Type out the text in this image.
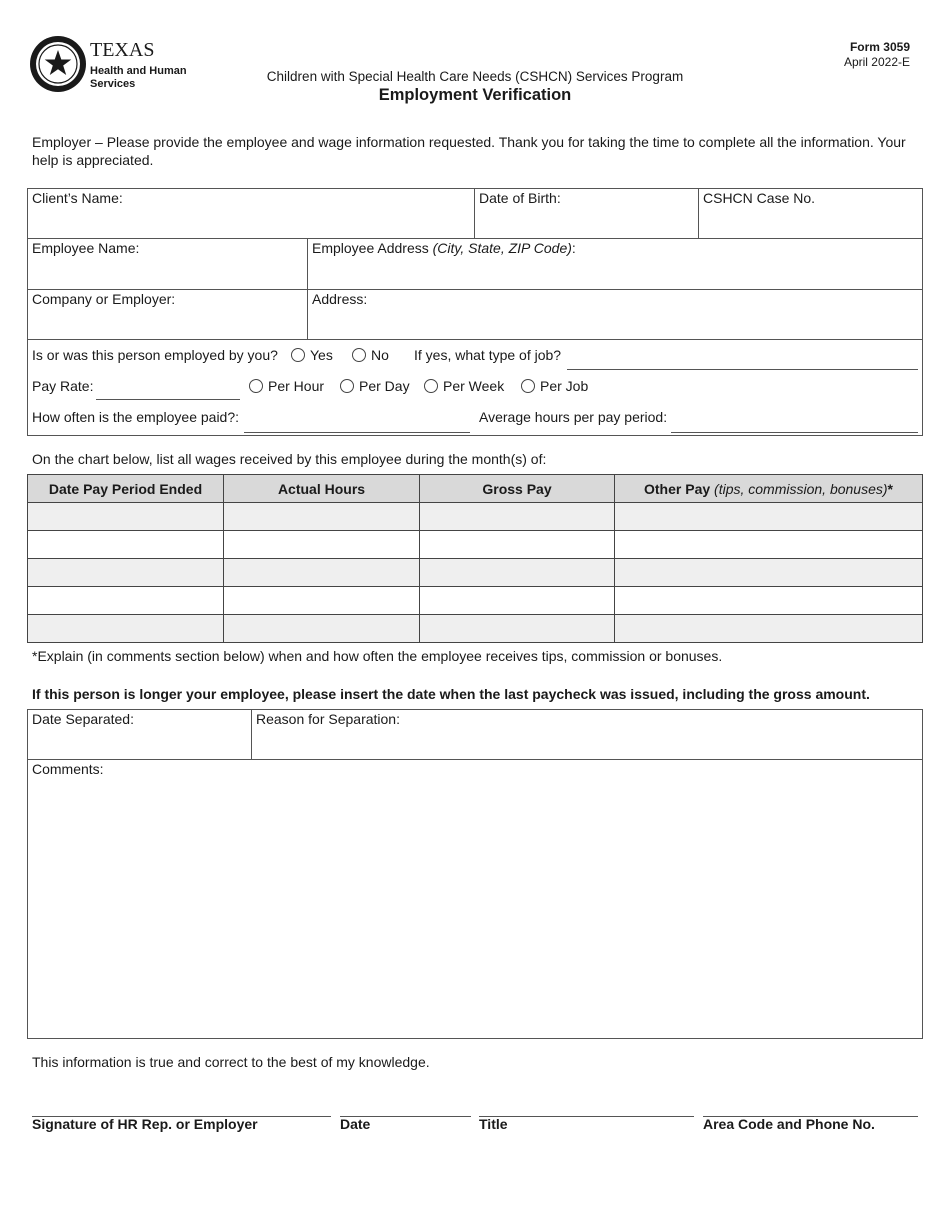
TEXAS
Health and Human
Services
Form 3059
April 2022-E
Children with Special Health Care Needs (CSHCN) Services Program
Employment Verification
Employer – Please provide the employee and wage information requested. Thank you for taking the time to complete all the information. Your help is appreciated.
Client’s Name:	Date of Birth:	CSHCN Case No.
Employee Name:	Employee Address (City, State, ZIP Code):
Company or Employer:	Address:
Is or was this person employed by you?	Yes	No If yes, what type of job?
Pay Rate:	Per Hour	Per Day	Per Week	Per Job
How often is the employee paid?:	Average hours per pay period:
On the chart below, list all wages received by this employee during the month(s) of:
Date Pay Period Ended	Actual Hours	Gross Pay	Other Pay (tips, commission, bonuses)*

*Explain (in comments section below) when and how often the employee receives tips, commission or bonuses.
If this person is longer your employee, please insert the date when the last paycheck was issued, including the gross amount.
Date Separated:	Reason for Separation:
Comments:
This information is true and correct to the best of my knowledge.
Signature of HR Rep. or Employer	Date	Title	Area Code and Phone No.
